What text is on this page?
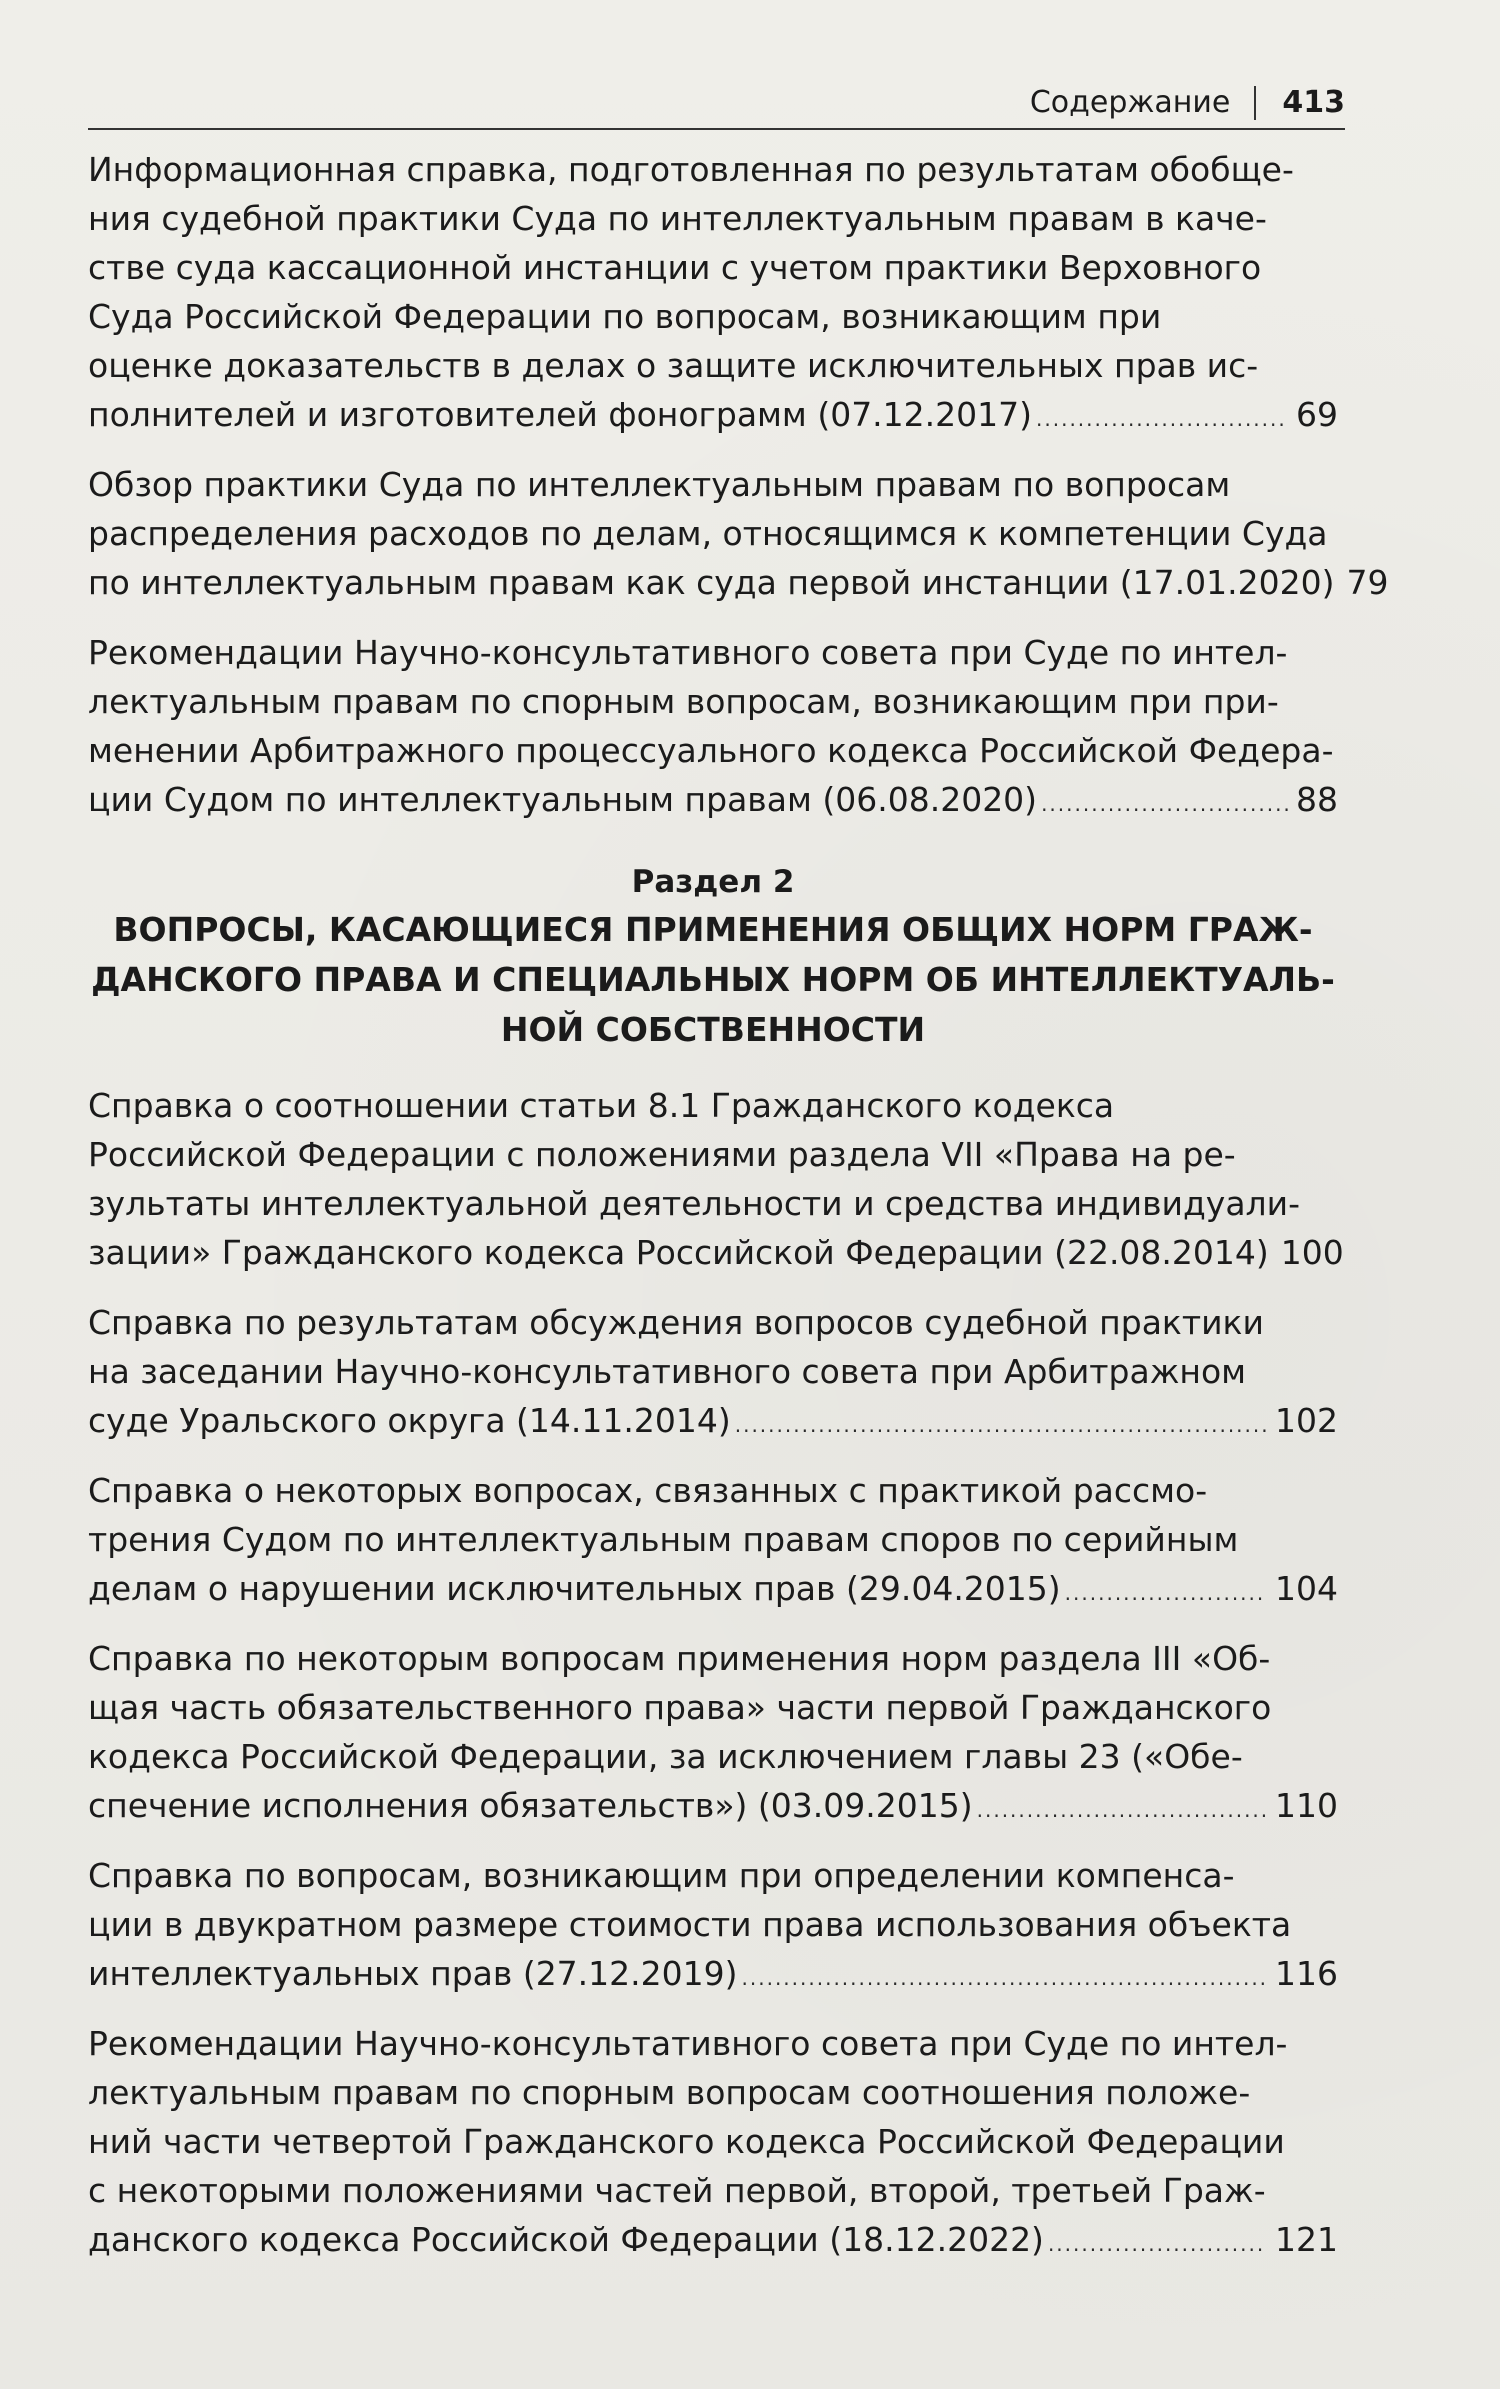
Содержание 413
Информационная справка, подготовленная по результатам обобще-
ния судебной практики Суда по интеллектуальным правам в каче-
стве суда кассационной инстанции с учетом практики Верховного
Суда Российской Федерации по вопросам, возникающим при
оценке доказательств в делах о защите исключительных прав ис-
полнителей и изготовителей фонограмм (07.12.2017) .....	69
Обзор практики Суда по интеллектуальным правам по вопросам
распределения расходов по делам, относящимся к компетенции Суда
по интеллектуальным правам как суда первой инстанции (17.01.2020) 79
Рекомендации Научно-консультативного совета при Суде по интел-
лектуальным правам по спорным вопросам, возникающим при при-
менении Арбитражного процессуального кодекса Российской Федера-
ции Судом по интеллектуальным правам (06.08.2020) .....	88
Раздел 2
ВОПРОСЫ, КАСАЮЩИЕСЯ ПРИМЕНЕНИЯ ОБЩИХ НОРМ ГРАЖ-
ДАНСКОГО ПРАВА И СПЕЦИАЛЬНЫХ НОРМ ОБ ИНТЕЛЛЕКТУАЛЬ-
НОЙ СОБСТВЕННОСТИ
Справка о соотношении статьи 8.1 Гражданского кодекса
Российской Федерации с положениями раздела VII «Права на ре-
зультаты интеллектуальной деятельности и средства индивидуали-
зации» Гражданского кодекса Российской Федерации (22.08.2014) 100
Справка по результатам обсуждения вопросов судебной практики
на заседании Научно-консультативного совета при Арбитражном
суде Уральского округа (14.11.2014) .....	102
Справка о некоторых вопросах, связанных с практикой рассмо-
трения Судом по интеллектуальным правам споров по серийным
делам о нарушении исключительных прав (29.04.2015) .....	104
Справка по некоторым вопросам применения норм раздела III «Об-
щая часть обязательственного права» части первой Гражданского
кодекса Российской Федерации, за исключением главы 23 («Обе-
спечение исполнения обязательств») (03.09.2015) .....	110
Справка по вопросам, возникающим при определении компенса-
ции в двукратном размере стоимости права использования объекта
интеллектуальных прав (27.12.2019) .....	116
Рекомендации Научно-консультативного совета при Суде по интел-
лектуальным правам по спорным вопросам соотношения положе-
ний части четвертой Гражданского кодекса Российской Федерации
с некоторыми положениями частей первой, второй, третьей Граж-
данского кодекса Российской Федерации (18.12.2022) .....	121
